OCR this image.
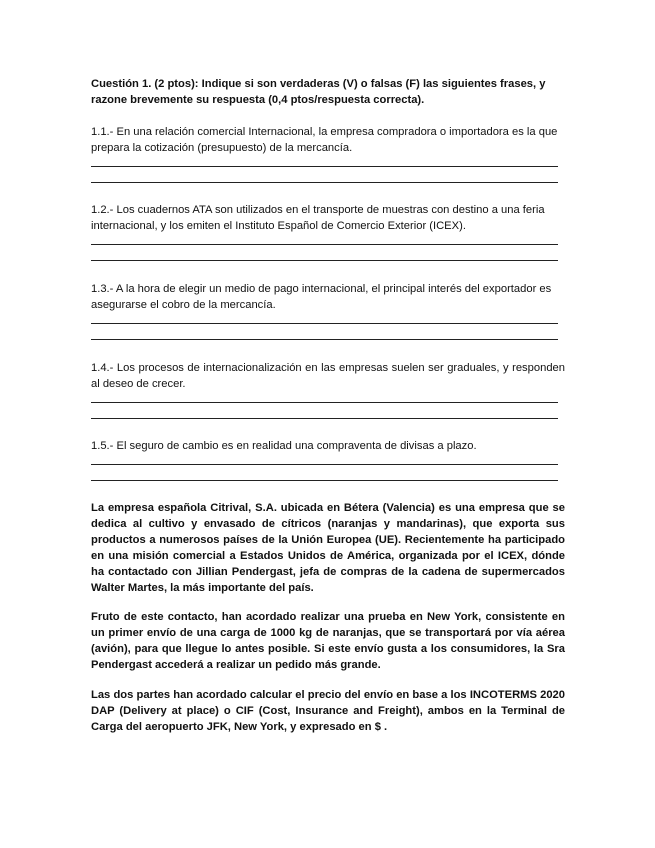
Cuestión 1. (2 ptos): Indique si son verdaderas (V) o falsas (F) las siguientes frases, y razone brevemente su respuesta (0,4 ptos/respuesta correcta).

1.1.- En una relación comercial Internacional, la empresa compradora o importadora es la que prepara la cotización (presupuesto) de la mercancía.

1.2.- Los cuadernos ATA son utilizados en el transporte de muestras con destino a una feria internacional, y los emiten el Instituto Español de Comercio Exterior (ICEX).

1.3.- A la hora de elegir un medio de pago internacional, el principal interés del exportador es asegurarse el cobro de la mercancía.

1.4.- Los procesos de internacionalización en las empresas suelen ser graduales, y responden al deseo de crecer.

1.5.- El seguro de cambio es en realidad una compraventa de divisas a plazo.

La empresa española Citrival, S.A. ubicada en Bétera (Valencia) es una empresa que se dedica al cultivo y envasado de cítricos (naranjas y mandarinas), que exporta sus productos a numerosos países de la Unión Europea (UE). Recientemente ha participado en una misión comercial a Estados Unidos de América, organizada por el ICEX, dónde ha contactado con Jillian Pendergast, jefa de compras de la cadena de supermercados Walter Martes, la más importante del país.

Fruto de este contacto, han acordado realizar una prueba en New York, consistente en un primer envío de una carga de 1000 kg de naranjas, que se transportará por vía aérea (avión), para que llegue lo antes posible. Si este envío gusta a los consumidores, la Sra Pendergast accederá a realizar un pedido más grande.

Las dos partes han acordado calcular el precio del envío en base a los INCOTERMS 2020 DAP (Delivery at place) o CIF (Cost, Insurance and Freight), ambos en la Terminal de Carga del aeropuerto JFK, New York, y expresado en $ .
